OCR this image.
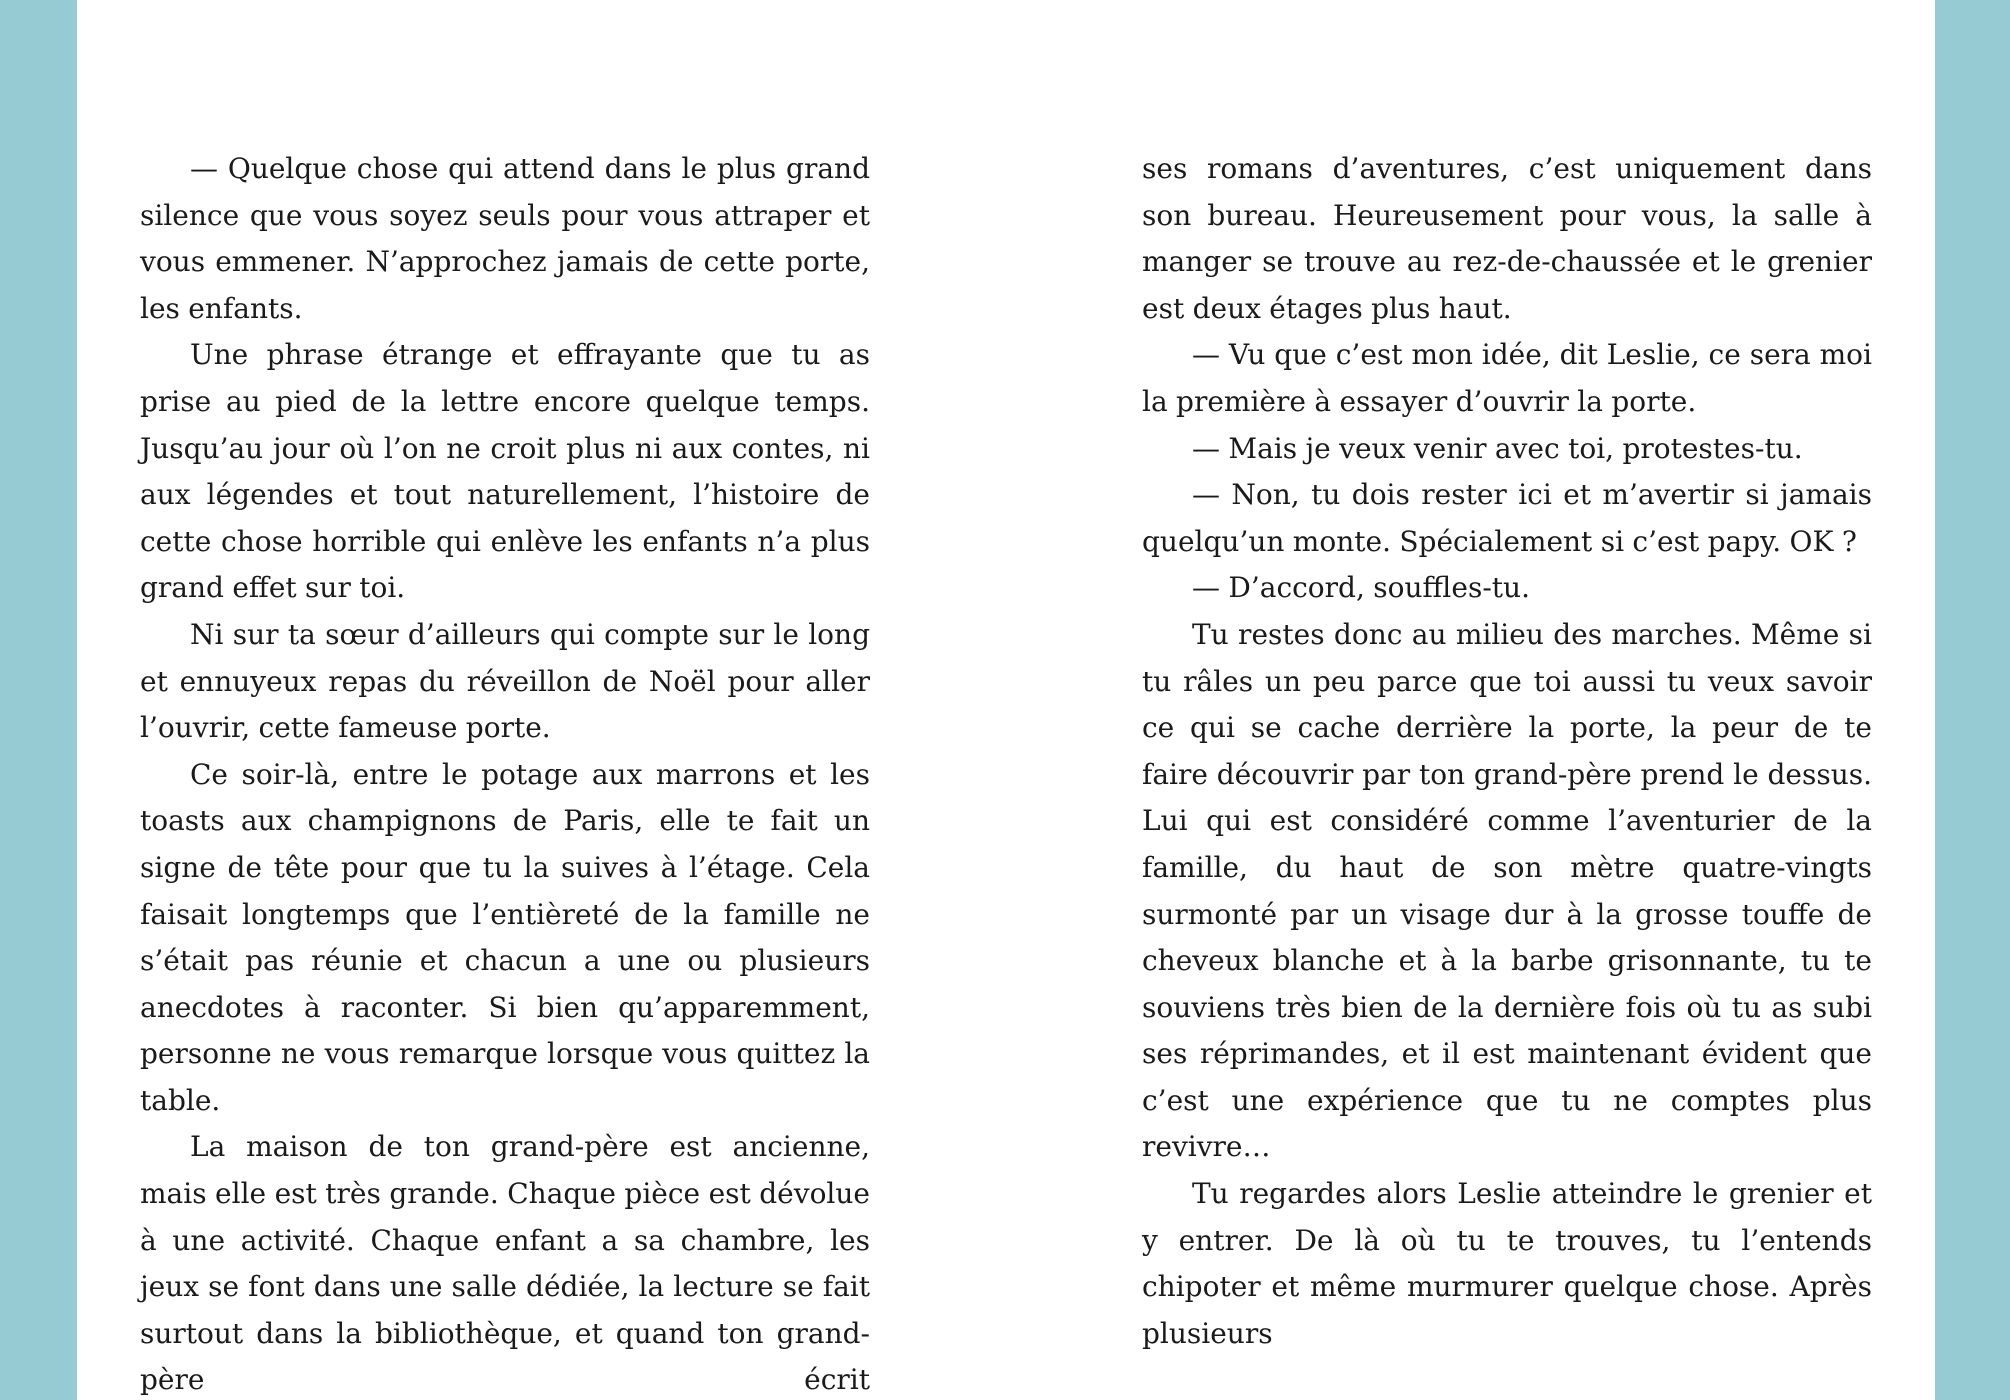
— Quelque chose qui attend dans le plus grand silence que vous soyez seuls pour vous attraper et vous emmener. N’approchez jamais de cette porte, les enfants.

Une phrase étrange et effrayante que tu as prise au pied de la lettre encore quelque temps. Jusqu’au jour où l’on ne croit plus ni aux contes, ni aux légendes et tout naturellement, l’histoire de cette chose horrible qui enlève les enfants n’a plus grand effet sur toi.

Ni sur ta sœur d’ailleurs qui compte sur le long et ennuyeux repas du réveillon de Noël pour aller l’ouvrir, cette fameuse porte.

Ce soir-là, entre le potage aux marrons et les toasts aux champignons de Paris, elle te fait un signe de tête pour que tu la suives à l’étage. Cela faisait longtemps que l’entièreté de la famille ne s’était pas réunie et chacun a une ou plusieurs anecdotes à raconter. Si bien qu’apparemment, personne ne vous remarque lorsque vous quittez la table.

La maison de ton grand-père est ancienne, mais elle est très grande. Chaque pièce est dévolue à une activité. Chaque enfant a sa chambre, les jeux se font dans une salle dédiée, la lecture se fait surtout dans la bibliothèque, et quand ton grand-père écrit

ses romans d’aventures, c’est uniquement dans son bureau. Heureusement pour vous, la salle à manger se trouve au rez-de-chaussée et le grenier est deux étages plus haut.

— Vu que c’est mon idée, dit Leslie, ce sera moi la première à essayer d’ouvrir la porte.

— Mais je veux venir avec toi, protestes-tu.

— Non, tu dois rester ici et m’avertir si jamais quelqu’un monte. Spécialement si c’est papy. OK ?

— D’accord, souffles-tu.

Tu restes donc au milieu des marches. Même si tu râles un peu parce que toi aussi tu veux savoir ce qui se cache derrière la porte, la peur de te faire découvrir par ton grand-père prend le dessus. Lui qui est considéré comme l’aventurier de la famille, du haut de son mètre quatre-vingts surmonté par un visage dur à la grosse touffe de cheveux blanche et à la barbe grisonnante, tu te souviens très bien de la dernière fois où tu as subi ses réprimandes, et il est maintenant évident que c’est une expérience que tu ne comptes plus revivre…

Tu regardes alors Leslie atteindre le grenier et y entrer. De là où tu te trouves, tu l’entends chipoter et même murmurer quelque chose. Après plusieurs
